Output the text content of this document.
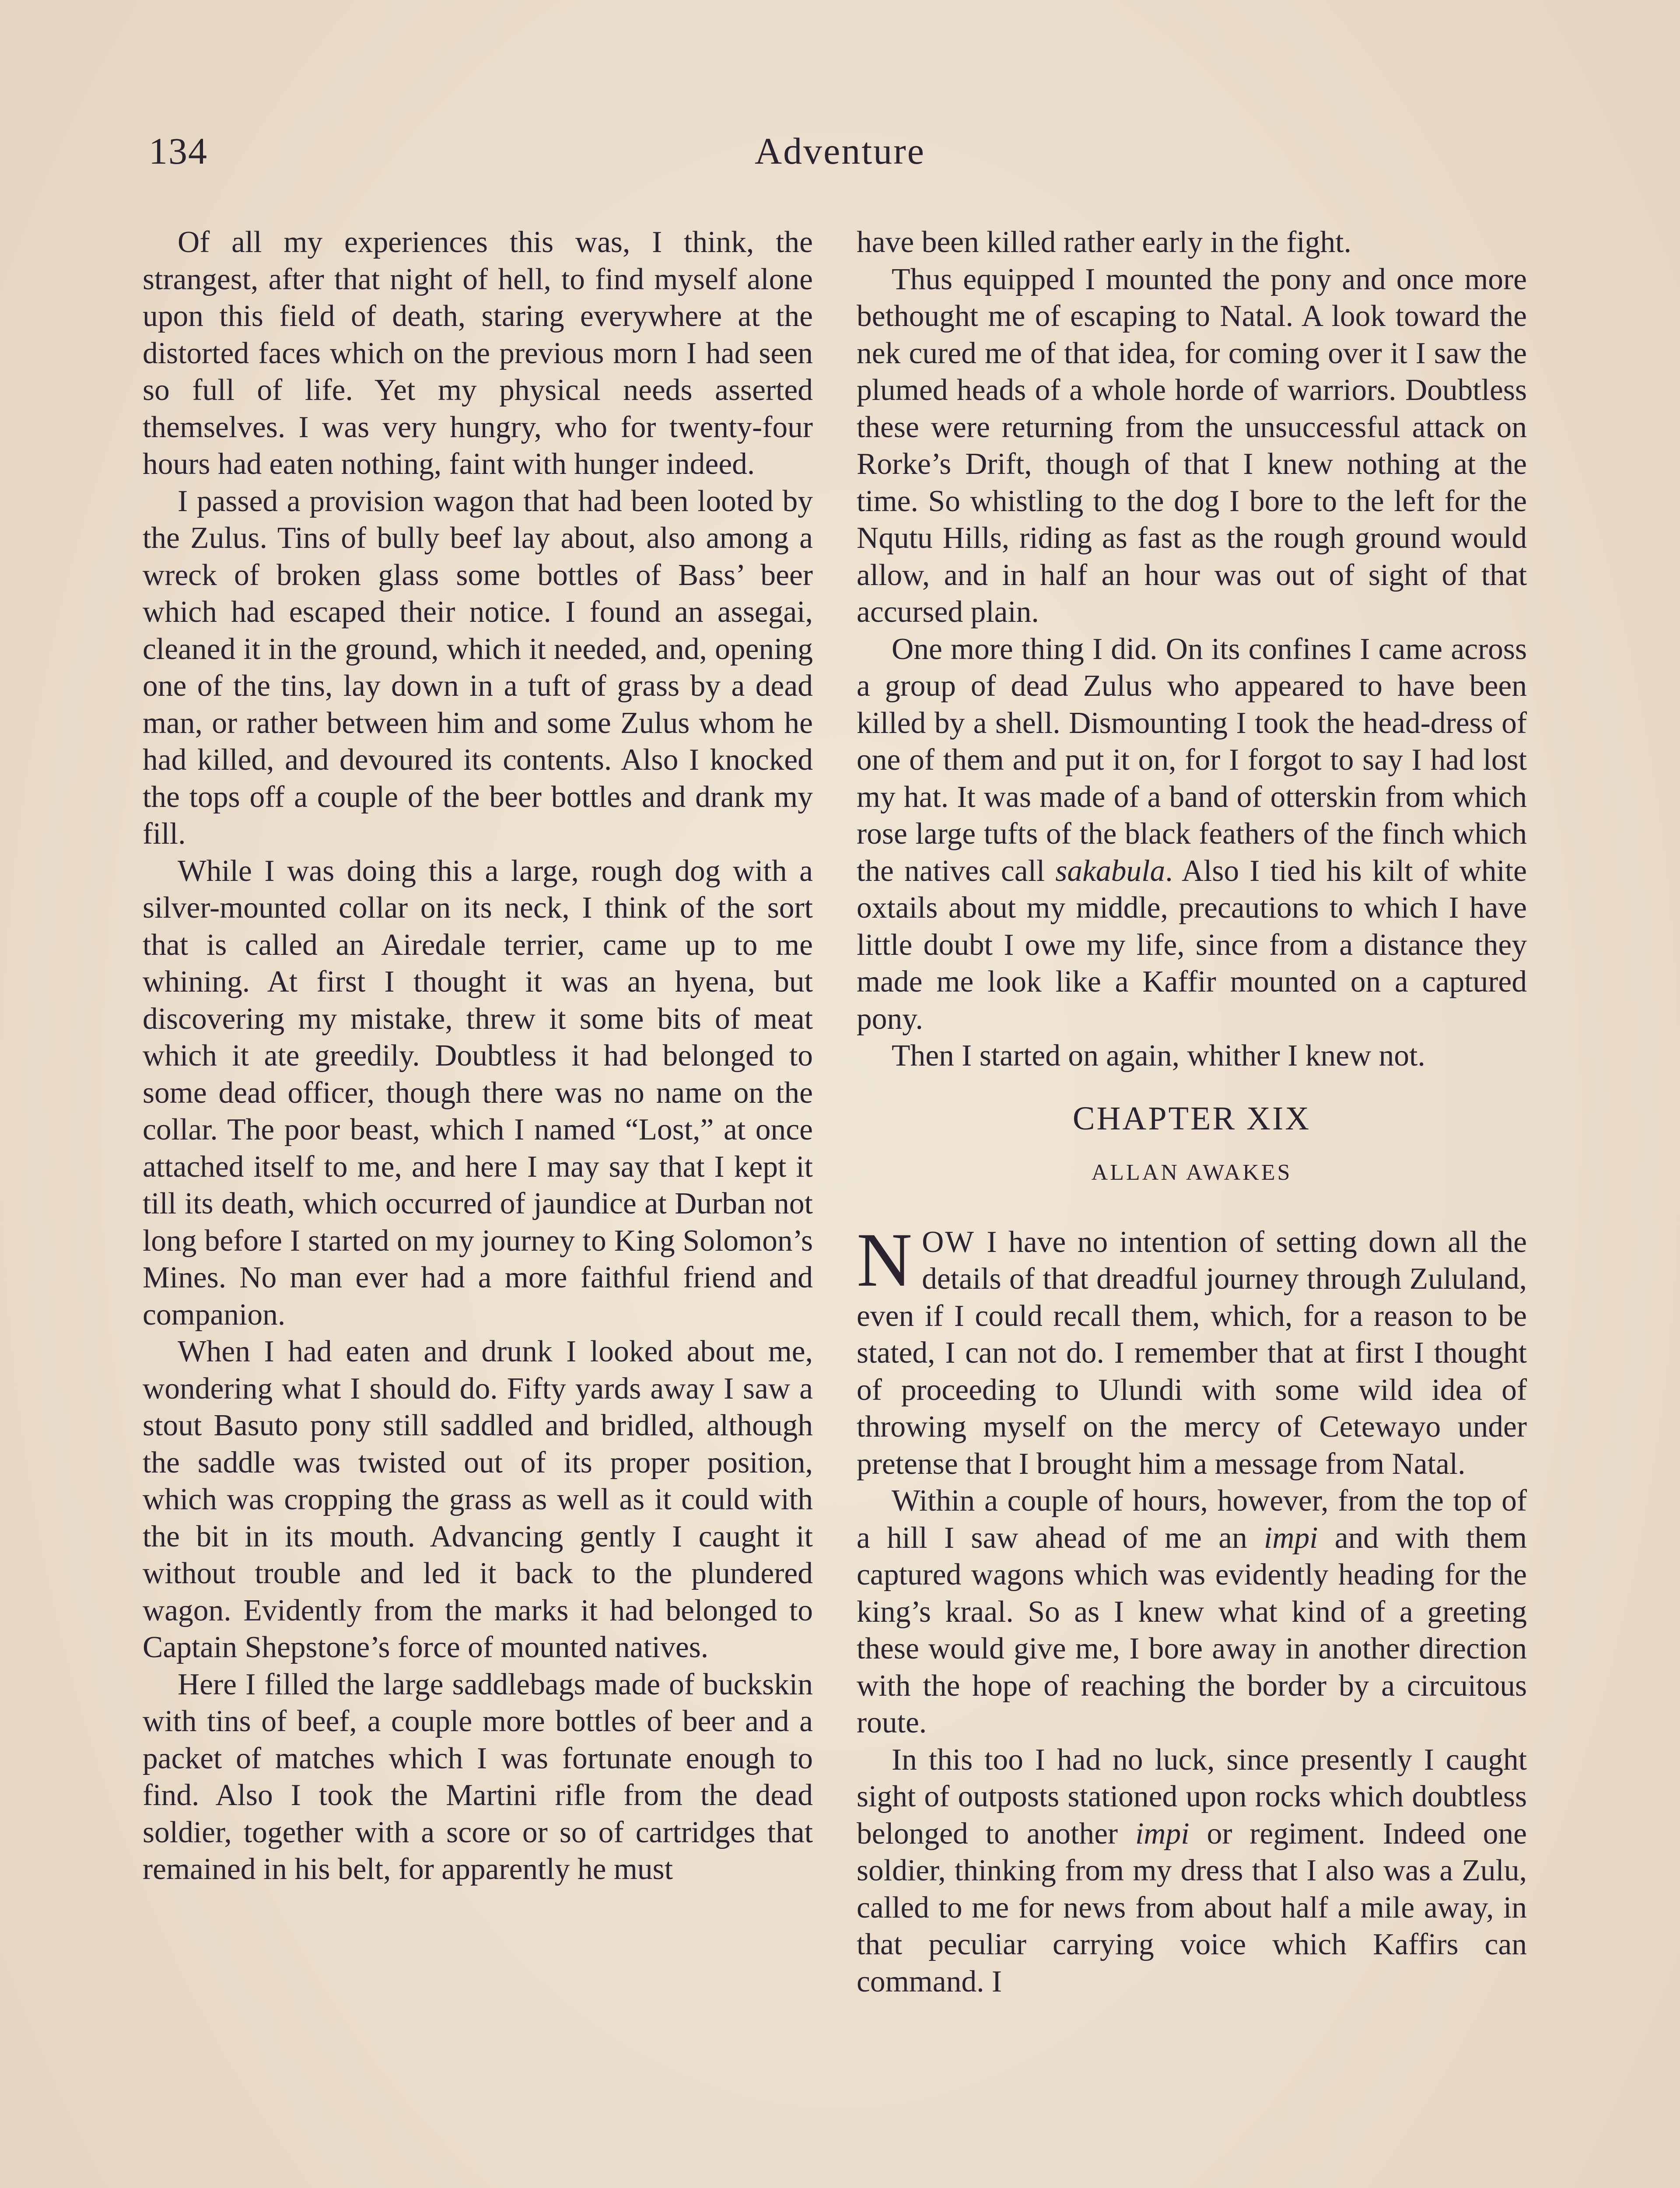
134	Adventure

Of all my experiences this was, I think, the strangest, after that night of hell, to find myself alone upon this field of death, staring everywhere at the distorted faces which on the previous morn I had seen so full of life. Yet my physical needs asserted themselves. I was very hungry, who for twenty-four hours had eaten nothing, faint with hunger indeed.

I passed a provision wagon that had been looted by the Zulus. Tins of bully beef lay about, also among a wreck of broken glass some bottles of Bass’ beer which had escaped their notice. I found an assegai, cleaned it in the ground, which it needed, and, opening one of the tins, lay down in a tuft of grass by a dead man, or rather between him and some Zulus whom he had killed, and devoured its contents. Also I knocked the tops off a couple of the beer bottles and drank my fill.

While I was doing this a large, rough dog with a silver-mounted collar on its neck, I think of the sort that is called an Airedale terrier, came up to me whining. At first I thought it was an hyena, but discovering my mistake, threw it some bits of meat which it ate greedily. Doubtless it had belonged to some dead officer, though there was no name on the collar. The poor beast, which I named “Lost,” at once attached itself to me, and here I may say that I kept it till its death, which occurred of jaundice at Durban not long before I started on my journey to King Solomon’s Mines. No man ever had a more faithful friend and companion.

When I had eaten and drunk I looked about me, wondering what I should do. Fifty yards away I saw a stout Basuto pony still saddled and bridled, although the saddle was twisted out of its proper position, which was cropping the grass as well as it could with the bit in its mouth. Advancing gently I caught it without trouble and led it back to the plundered wagon. Evidently from the marks it had belonged to Captain Shepstone’s force of mounted natives.

Here I filled the large saddlebags made of buckskin with tins of beef, a couple more bottles of beer and a packet of matches which I was fortunate enough to find. Also I took the Martini rifle from the dead soldier, together with a score or so of cartridges that remained in his belt, for apparently he must

have been killed rather early in the fight.

Thus equipped I mounted the pony and once more bethought me of escaping to Natal. A look toward the nek cured me of that idea, for coming over it I saw the plumed heads of a whole horde of warriors. Doubtless these were returning from the unsuccessful attack on Rorke’s Drift, though of that I knew nothing at the time. So whistling to the dog I bore to the left for the Nqutu Hills, riding as fast as the rough ground would allow, and in half an hour was out of sight of that accursed plain.

One more thing I did. On its confines I came across a group of dead Zulus who appeared to have been killed by a shell. Dismounting I took the head-dress of one of them and put it on, for I forgot to say I had lost my hat. It was made of a band of otterskin from which rose large tufts of the black feathers of the finch which the natives call sakabula. Also I tied his kilt of white oxtails about my middle, precautions to which I have little doubt I owe my life, since from a distance they made me look like a Kaffir mounted on a captured pony.

Then I started on again, whither I knew not.

CHAPTER XIX
ALLAN AWAKES

NOW I have no intention of setting down all the details of that dreadful journey through Zululand, even if I could recall them, which, for a reason to be stated, I can not do. I remember that at first I thought of proceeding to Ulundi with some wild idea of throwing myself on the mercy of Cetewayo under pretense that I brought him a message from Natal.

Within a couple of hours, however, from the top of a hill I saw ahead of me an impi and with them captured wagons which was evidently heading for the king’s kraal. So as I knew what kind of a greeting these would give me, I bore away in another direction with the hope of reaching the border by a circuitous route.

In this too I had no luck, since presently I caught sight of outposts stationed upon rocks which doubtless belonged to another impi or regiment. Indeed one soldier, thinking from my dress that I also was a Zulu, called to me for news from about half a mile away, in that peculiar carrying voice which Kaffirs can command. I
